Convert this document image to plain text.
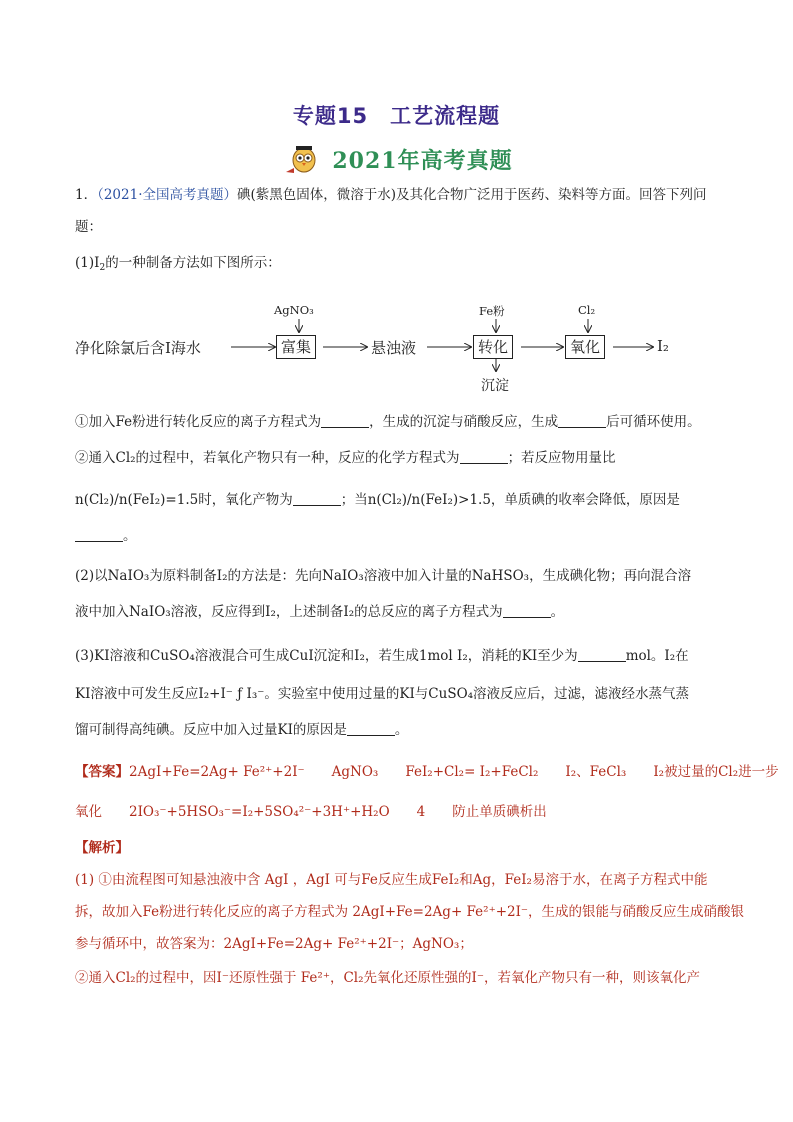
专题15　工艺流程题
2021年高考真题
1．（2021·全国高考真题）碘(紫黑色固体，微溶于水)及其化合物广泛用于医药、染料等方面。回答下列问
题：
$(1)I_2$的一种制备方法如下图所示：
净化除氯后含I海水
AgNO₃
富集	悬浊液
Fe粉
转化
沉淀
Cl₂
氧化	I₂
①加入Fe粉进行转化反应的离子方程式为	，生成的沉淀与硝酸反应，生成	后可循环使用。
②通入Cl₂的过程中，若氧化产物只有一种，反应的化学方程式为	；若反应物用量比
n(Cl₂)/n(FeI₂)=1.5时，氧化产物为	；当n(Cl₂)/n(FeI₂)>1.5，单质碘的收率会降低，原因是
。
(2)以NaIO₃为原料制备I₂的方法是：先向NaIO₃溶液中加入计量的NaHSO₃，生成碘化物；再向混合溶
液中加入NaIO₃溶液，反应得到I₂，上述制备I₂的总反应的离子方程式为	。
(3)KI溶液和CuSO₄溶液混合可生成CuI沉淀和I₂，若生成1mol I₂，消耗的KI至少为	mol。I₂在
KI溶液中可发生反应I₂+I⁻ ƒ I₃⁻。实验室中使用过量的KI与CuSO₄溶液反应后，过滤，滤液经水蒸气蒸
馏可制得高纯碘。反应中加入过量KI的原因是	。
【答案】2AgI+Fe=2Ag+ Fe²⁺+2I⁻　　AgNO₃　　FeI₂+Cl₂= I₂+FeCl₂　　I₂、FeCl₃　　I₂被过量的Cl₂进一步
氧化　　2IO₃⁻+5HSO₃⁻=I₂+5SO₄²⁻+3H⁺+H₂O　　4　　防止单质碘析出
【解析】
(1) ①由流程图可知悬浊液中含 AgI ，AgI 可与Fe反应生成FeI₂和Ag，FeI₂易溶于水，在离子方程式中能
拆，故加入Fe粉进行转化反应的离子方程式为 2AgI+Fe=2Ag+ Fe²⁺+2I⁻，生成的银能与硝酸反应生成硝酸银
参与循环中，故答案为：2AgI+Fe=2Ag+ Fe²⁺+2I⁻；AgNO₃；
②通入Cl₂的过程中，因I⁻还原性强于 Fe²⁺，Cl₂先氧化还原性强的I⁻，若氧化产物只有一种，则该氧化产
